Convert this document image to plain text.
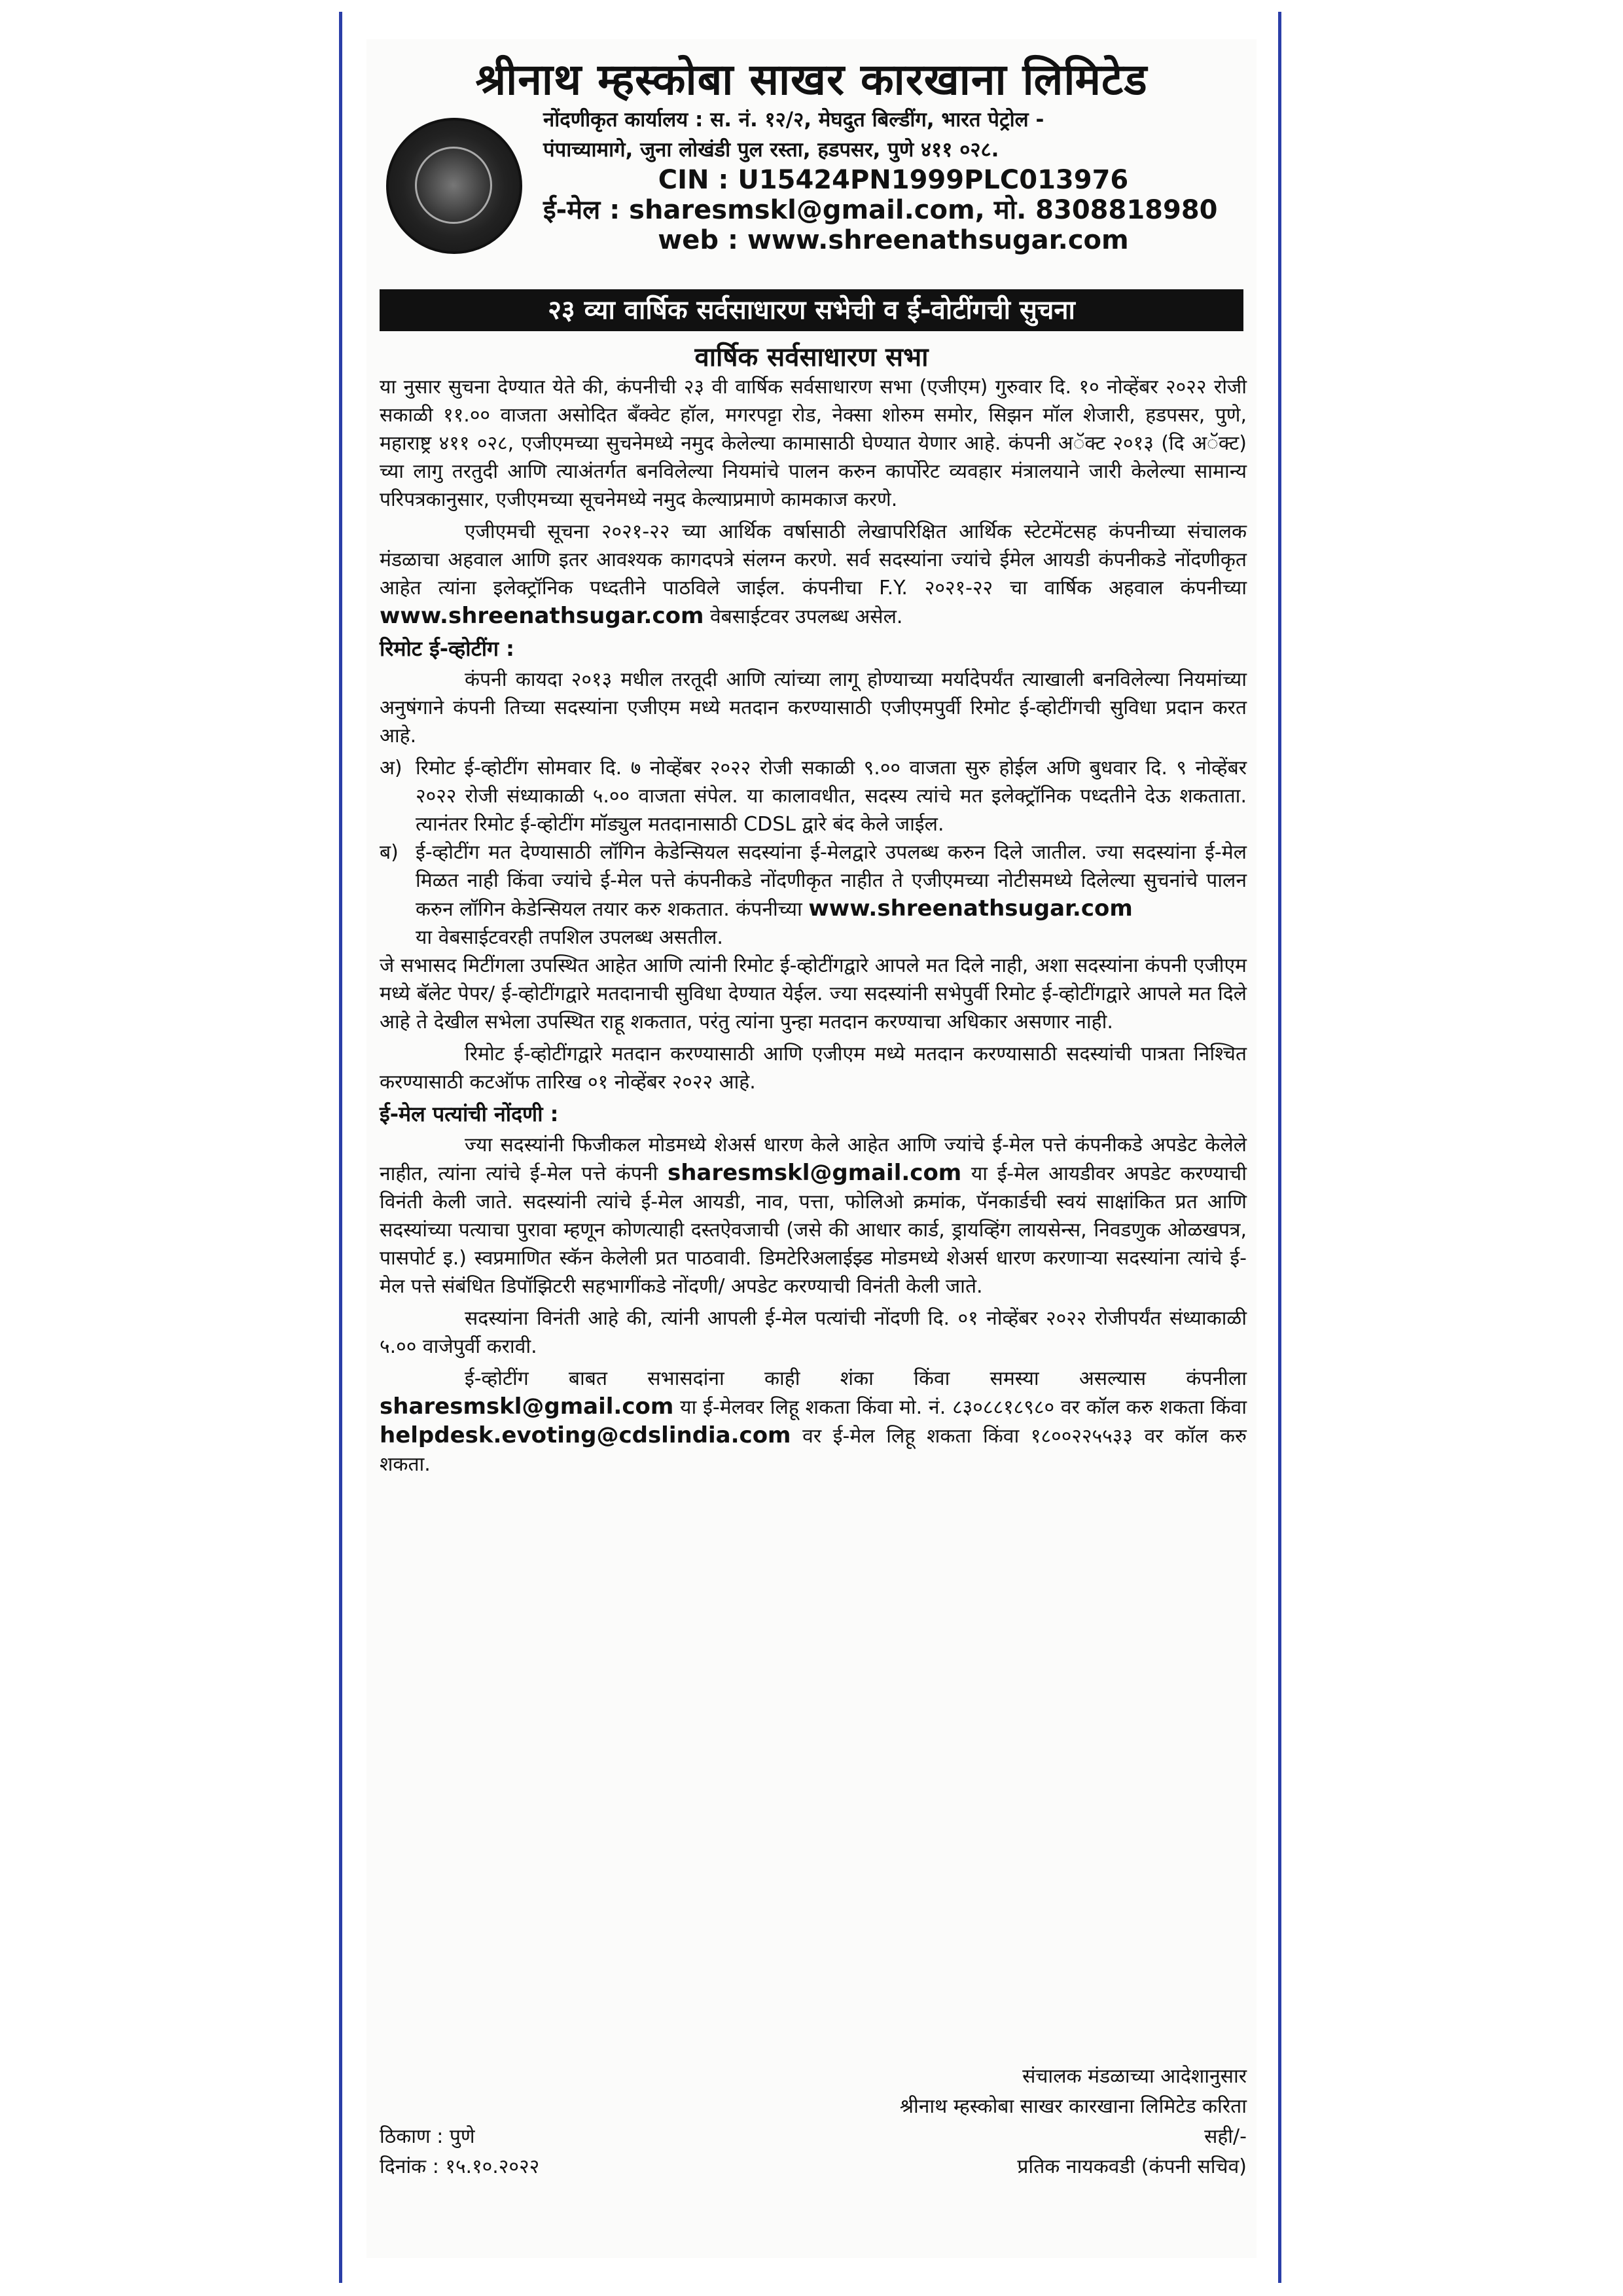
श्रीनाथ म्हस्कोबा साखर कारखाना लिमिटेड
नोंदणीकृत कार्यालय : स. नं. १२/२, मेघदुत बिल्डींग, भारत पेट्रोल -
पंपाच्यामागे, जुना लोखंडी पुल रस्ता, हडपसर, पुणे ४११ ०२८.
CIN : U15424PN1999PLC013976
ई-मेल : sharesmskl@gmail.com, मो. 8308818980
web : www.shreenathsugar.com
२३ व्या वार्षिक सर्वसाधारण सभेची व ई-वोटींगची सुचना
वार्षिक सर्वसाधारण सभा

या नुसार सुचना देण्यात येते की, कंपनीची २३ वी वार्षिक सर्वसाधारण सभा (एजीएम) गुरुवार दि. १० नोव्हेंबर २०२२ रोजी सकाळी ११.०० वाजता असोदित बँक्वेट हॉल, मगरपट्टा रोड, नेक्सा शोरुम समोर, सिझन मॉल शेजारी, हडपसर, पुणे, महाराष्ट्र ४११ ०२८, एजीएमच्या सुचनेमध्ये नमुद केलेल्या कामासाठी घेण्यात येणार आहे. कंपनी अॅक्ट २०१३ (दि अॅक्ट) च्या लागु तरतुदी आणि त्याअंतर्गत बनविलेल्या नियमांचे पालन करुन कार्पोरेट व्यवहार मंत्रालयाने जारी केलेल्या सामान्य परिपत्रकानुसार, एजीएमच्या सूचनेमध्ये नमुद केल्याप्रमाणे कामकाज करणे.

एजीएमची सूचना २०२१-२२ च्या आर्थिक वर्षासाठी लेखापरिक्षित आर्थिक स्टेटमेंटसह कंपनीच्या संचालक मंडळाचा अहवाल आणि इतर आवश्यक कागदपत्रे संलग्न करणे. सर्व सदस्यांना ज्यांचे ईमेल आयडी कंपनीकडे नोंदणीकृत आहेत त्यांना इलेक्ट्रॉनिक पध्दतीने पाठविले जाईल. कंपनीचा F.Y. २०२१-२२ चा वार्षिक अहवाल कंपनीच्या www.shreenathsugar.com वेबसाईटवर उपलब्ध असेल.

रिमोट ई-व्होटींग :

कंपनी कायदा २०१३ मधील तरतूदी आणि त्यांच्या लागू होण्याच्या मर्यादेपर्यंत त्याखाली बनविलेल्या नियमांच्या अनुषंगाने कंपनी तिच्या सदस्यांना एजीएम मध्ये मतदान करण्यासाठी एजीएमपुर्वी रिमोट ई-व्होटींगची सुविधा प्रदान करत आहे.

अ) रिमोट ई-व्होटींग सोमवार दि. ७ नोव्हेंबर २०२२ रोजी सकाळी ९.०० वाजता सुरु होईल अणि बुधवार दि. ९ नोव्हेंबर २०२२ रोजी संध्याकाळी ५.०० वाजता संपेल. या कालावधीत, सदस्य त्यांचे मत इलेक्ट्रॉनिक पध्दतीने देऊ शकताता. त्यानंतर रिमोट ई-व्होटींग मॉड्युल मतदानासाठी CDSL द्वारे बंद केले जाईल.
ब) ई-व्होटींग मत देण्यासाठी लॉगिन केडेन्सियल सदस्यांना ई-मेलद्वारे उपलब्ध करुन दिले जातील. ज्या सदस्यांना ई-मेल मिळत नाही किंवा ज्यांचे ई-मेल पत्ते कंपनीकडे नोंदणीकृत नाहीत ते एजीएमच्या नोटीसमध्ये दिलेल्या सुचनांचे पालन करुन लॉगिन केडेन्सियल तयार करु शकतात. कंपनीच्या www.shreenathsugar.com
या वेबसाईटवरही तपशिल उपलब्ध असतील.

जे सभासद मिटींगला उपस्थित आहेत आणि त्यांनी रिमोट ई-व्होटींगद्वारे आपले मत दिले नाही, अशा सदस्यांना कंपनी एजीएम मध्ये बॅलेट पेपर/ ई-व्होटींगद्वारे मतदानाची सुविधा देण्यात येईल. ज्या सदस्यांनी सभेपुर्वी रिमोट ई-व्होटींगद्वारे आपले मत दिले आहे ते देखील सभेला उपस्थित राहू शकतात, परंतु त्यांना पुन्हा मतदान करण्याचा अधिकार असणार नाही.

रिमोट ई-व्होटींगद्वारे मतदान करण्यासाठी आणि एजीएम मध्ये मतदान करण्यासाठी सदस्यांची पात्रता निश्चित करण्यासाठी कटऑफ तारिख ०१ नोव्हेंबर २०२२ आहे.

ई-मेल पत्यांची नोंदणी :

ज्या सदस्यांनी फिजीकल मोडमध्ये शेअर्स धारण केले आहेत आणि ज्यांचे ई-मेल पत्ते कंपनीकडे अपडेट केलेले नाहीत, त्यांना त्यांचे ई-मेल पत्ते कंपनी sharesmskl@gmail.com या ई-मेल आयडीवर अपडेट करण्याची विनंती केली जाते. सदस्यांनी त्यांचे ई-मेल आयडी, नाव, पत्ता, फोलिओ क्रमांक, पॅनकार्डची स्वयं साक्षांकित प्रत आणि सदस्यांच्या पत्याचा पुरावा म्हणून कोणत्याही दस्तऐवजाची (जसे की आधार कार्ड, ड्रायव्हिंग लायसेन्स, निवडणुक ओळखपत्र, पासपोर्ट इ.) स्वप्रमाणित स्कॅन केलेली प्रत पाठवावी. डिमटेरिअलाईझ्ड मोडमध्ये शेअर्स धारण करणाऱ्या सदस्यांना त्यांचे ई-मेल पत्ते संबंधित डिपॉझिटरी सहभागींकडे नोंदणी/ अपडेट करण्याची विनंती केली जाते.

सदस्यांना विनंती आहे की, त्यांनी आपली ई-मेल पत्यांची नोंदणी दि. ०१ नोव्हेंबर २०२२ रोजीपर्यंत संध्याकाळी ५.०० वाजेपुर्वी करावी.

ई-व्होटींग बाबत सभासदांना काही शंका किंवा समस्या असल्यास कंपनीला sharesmskl@gmail.com या ई-मेलवर लिहू शकता किंवा मो. नं. ८३०८८१८९८० वर कॉल करु शकता किंवा helpdesk.evoting@cdslindia.com वर ई-मेल लिहू शकता किंवा १८००२२५५३३ वर कॉल करु शकता.

संचालक मंडळाच्या आदेशानुसार
श्रीनाथ म्हस्कोबा साखर कारखाना लिमिटेड करिता
ठिकाण : पुणे	सही/-
दिनांक : १५.१०.२०२२	प्रतिक नायकवडी (कंपनी सचिव)
